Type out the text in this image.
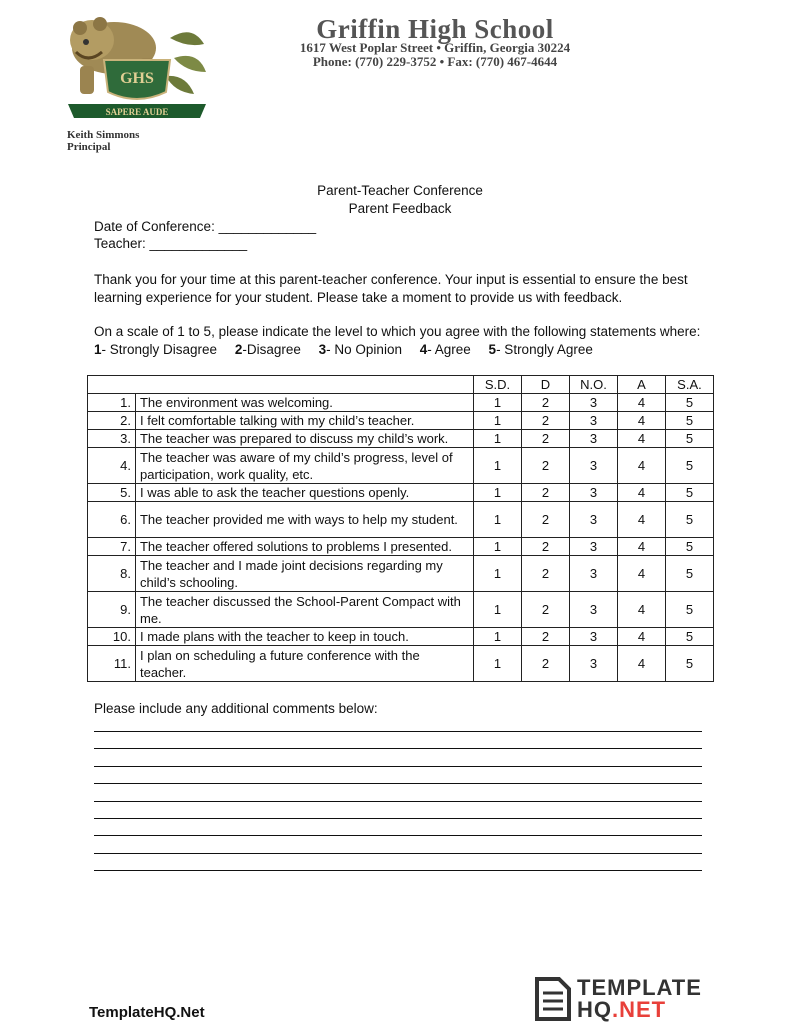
GHS
SAPERE AUDE
Griffin High School
1617 West Poplar Street • Griffin, Georgia 30224
Phone: (770) 229-3752 • Fax: (770) 467-4644
Keith Simmons
Principal
Parent-Teacher Conference
Parent Feedback
Date of Conference: _____________
Teacher: _____________
Thank you for your time at this parent-teacher conference. Your input is essential to ensure the best learning experience for your student. Please take a moment to provide us with feedback.
On a scale of 1 to 5, please indicate the level to which you agree with the following statements where:
1- Strongly Disagree 2-Disagree 3- No Opinion 4- Agree 5- Strongly Agree
		S.D.	D	N.O.	A	S.A.
1.	The environment was welcoming.	1	2	3	4	5
2.	I felt comfortable talking with my child’s teacher.	1	2	3	4	5
3.	The teacher was prepared to discuss my child’s work.	1	2	3	4	5
4.	The teacher was aware of my child’s progress, level of participation, work quality, etc.	1	2	3	4	5
5.	I was able to ask the teacher questions openly.	1	2	3	4	5
6.	The teacher provided me with ways to help my student.	1	2	3	4	5
7.	The teacher offered solutions to problems I presented.	1	2	3	4	5
8.	The teacher and I made joint decisions regarding my child’s schooling.	1	2	3	4	5
9.	The teacher discussed the School-Parent Compact with me.	1	2	3	4	5
10.	I made plans with the teacher to keep in touch.	1	2	3	4	5
11.	I plan on scheduling a future conference with the teacher.	1	2	3	4	5
Please include any additional comments below:
TemplateHQ.Net
TEMPLATE
HQ.NET
